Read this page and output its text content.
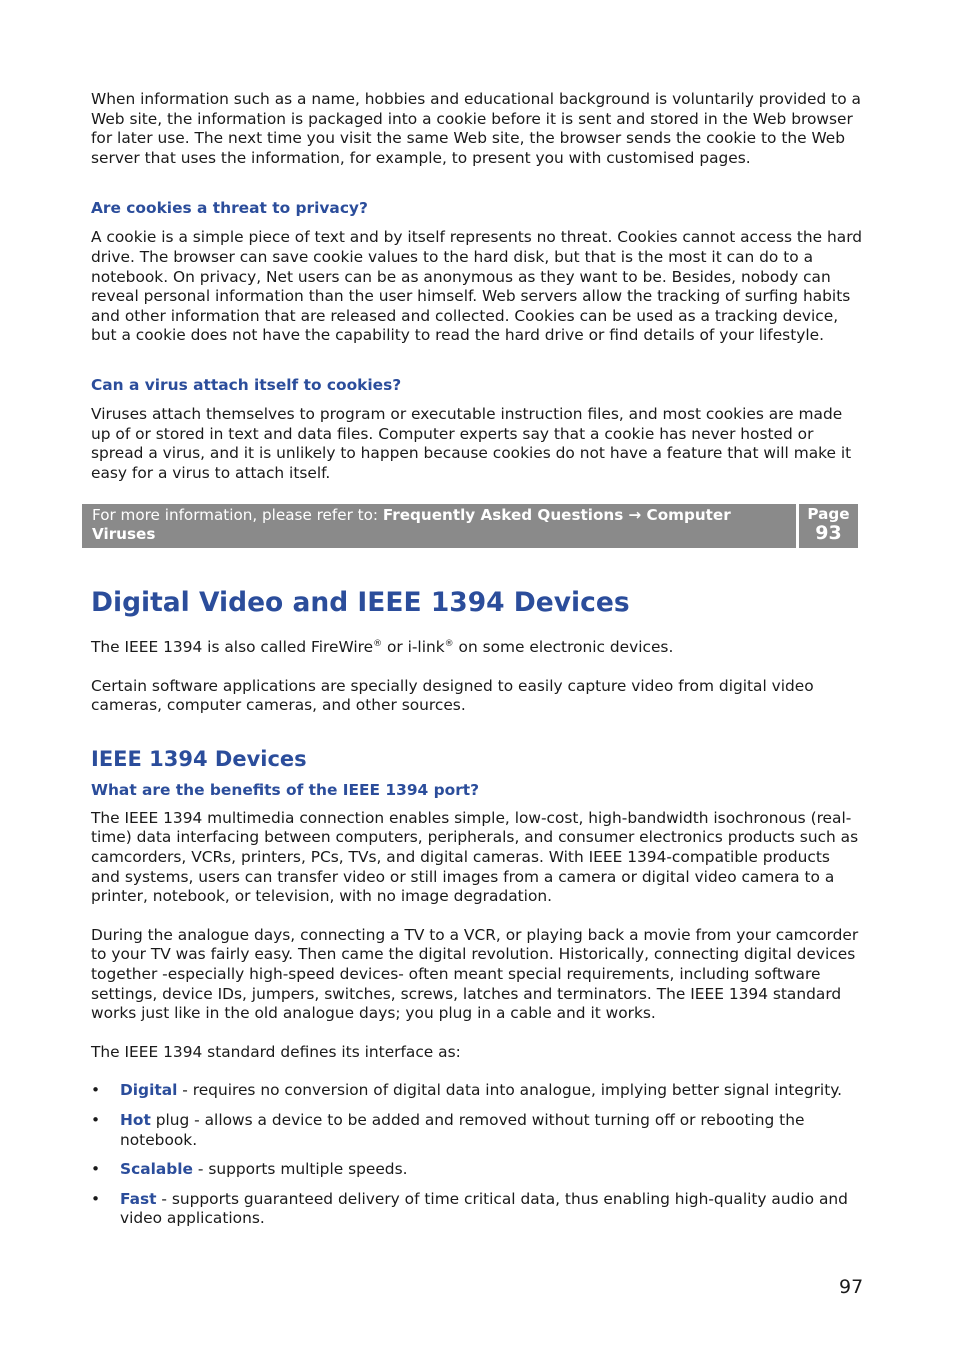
When information such as a name, hobbies and educational background is voluntarily provided to a Web site, the information is packaged into a cookie before it is sent and stored in the Web browser for later use. The next time you visit the same Web site, the browser sends the cookie to the Web server that uses the information, for example, to present you with customised pages.

Are cookies a threat to privacy?

A cookie is a simple piece of text and by itself represents no threat. Cookies cannot access the hard drive. The browser can save cookie values to the hard disk, but that is the most it can do to a notebook. On privacy, Net users can be as anonymous as they want to be. Besides, nobody can reveal personal information than the user himself. Web servers allow the tracking of surfing habits and other information that are released and collected. Cookies can be used as a tracking device, but a cookie does not have the capability to read the hard drive or find details of your lifestyle.

Can a virus attach itself to cookies?

Viruses attach themselves to program or executable instruction files, and most cookies are made up of or stored in text and data files. Computer experts say that a cookie has never hosted or spread a virus, and it is unlikely to happen because cookies do not have a feature that will make it easy for a virus to attach itself.

For more information, please refer to: Frequently Asked Questions → Computer Viruses
Page
93
Digital Video and IEEE 1394 Devices

The IEEE 1394 is also called FireWire® or i-link® on some electronic devices.

Certain software applications are specially designed to easily capture video from digital video cameras, computer cameras, and other sources.

IEEE 1394 Devices
What are the benefits of the IEEE 1394 port?

The IEEE 1394 multimedia connection enables simple, low-cost, high-bandwidth isochronous (real-time) data interfacing between computers, peripherals, and consumer electronics products such as camcorders, VCRs, printers, PCs, TVs, and digital cameras. With IEEE 1394-compatible products and systems, users can transfer video or still images from a camera or digital video camera to a printer, notebook, or television, with no image degradation.

During the analogue days, connecting a TV to a VCR, or playing back a movie from your camcorder to your TV was fairly easy. Then came the digital revolution. Historically, connecting digital devices together -especially high-speed devices- often meant special requirements, including software settings, device IDs, jumpers, switches, screws, latches and terminators. The IEEE 1394 standard works just like in the old analogue days; you plug in a cable and it works.

The IEEE 1394 standard defines its interface as:

• Digital - requires no conversion of digital data into analogue, implying better signal integrity.
• Hot plug - allows a device to be added and removed without turning off or rebooting the notebook.
• Scalable - supports multiple speeds.
• Fast - supports guaranteed delivery of time critical data, thus enabling high-quality audio and video applications.
97
